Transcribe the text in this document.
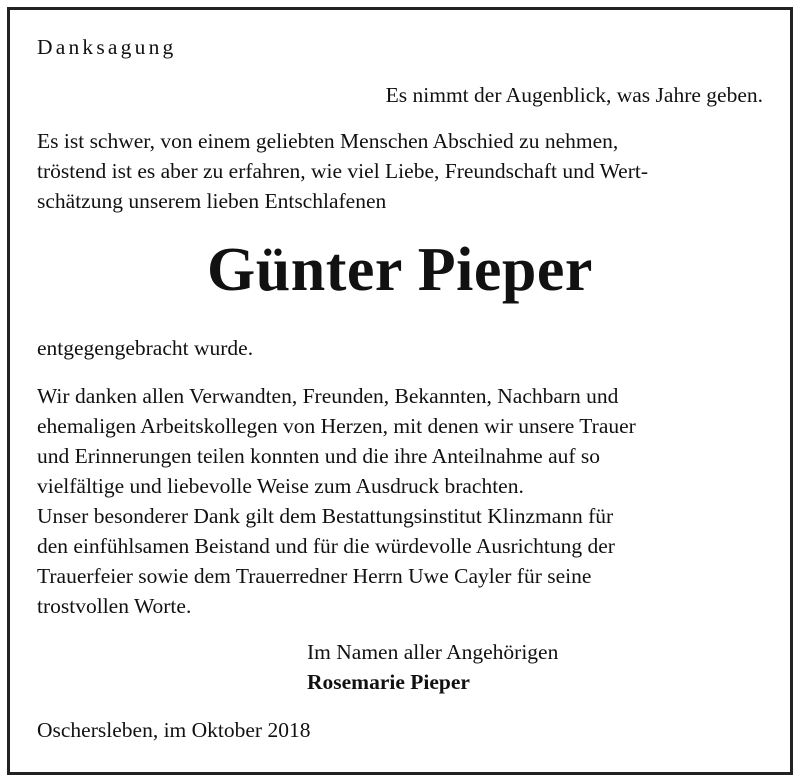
Danksagung
Es nimmt der Augenblick, was Jahre geben.

Es ist schwer, von einem geliebten Menschen Abschied zu nehmen,

tröstend ist es aber zu erfahren, wie viel Liebe, Freundschaft und Wert-

schätzung unserem lieben Entschlafenen

Günter Pieper
entgegengebracht wurde.

Wir danken allen Verwandten, Freunden, Bekannten, Nachbarn und

ehemaligen Arbeitskollegen von Herzen, mit denen wir unsere Trauer

und Erinnerungen teilen konnten und die ihre Anteilnahme auf so

vielfältige und liebevolle Weise zum Ausdruck brachten.

Unser besonderer Dank gilt dem Bestattungsinstitut Klinzmann für

den einfühlsamen Beistand und für die würdevolle Ausrichtung der

Trauerfeier sowie dem Trauerredner Herrn Uwe Cayler für seine

trostvollen Worte.

Im Namen aller Angehörigen
Rosemarie Pieper
Oschersleben, im Oktober 2018
